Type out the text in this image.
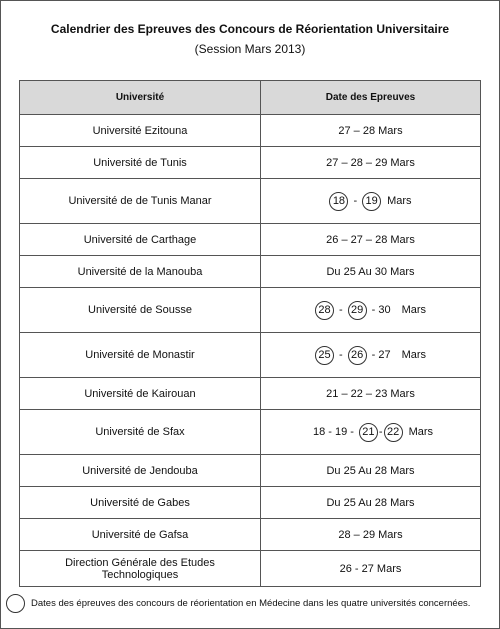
Calendrier des Epreuves des Concours de Réorientation Universitaire
(Session Mars 2013)
Université	Date des Epreuves
Université Ezitouna	27 – 28 Mars

Université de Tunis	27 – 28 – 29 Mars

Université de de Tunis Manar	18 - 19 Mars

Université de Carthage	26 – 27 – 28 Mars

Université de la Manouba	Du 25 Au 30 Mars

Université de Sousse	28 - 29 - 30 Mars

Université de Monastir	25 - 26 - 27 Mars

Université de Kairouan	21 – 22 – 23 Mars

Université de Sfax	18 - 19 - 21 - 22 Mars

Université de Jendouba	Du 25 Au 28 Mars

Université de Gabes	Du 25 Au 28 Mars

Université de Gafsa	28 – 29 Mars

Direction Générale des Etudes Technologiques	26 - 27 Mars
Dates des épreuves des concours de réorientation en Médecine dans les quatre universités concernées.
